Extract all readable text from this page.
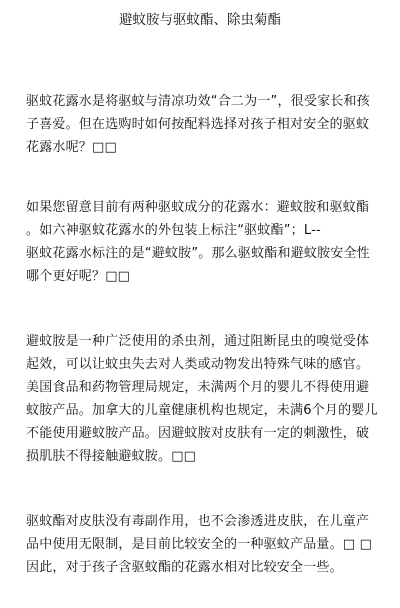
避蚊胺与驱蚊酯、除虫菊酯
驱蚊花露水是将驱蚊与清凉功效“合二为一”，很受家长和孩
子喜爱。但在选购时如何按配料选择对孩子相对安全的驱蚊
花露水呢？□□
如果您留意目前有两种驱蚊成分的花露水：避蚊胺和驱蚊酯
。如六神驱蚊花露水的外包装上标注“驱蚊酯”；L--
驱蚊花露水标注的是“避蚊胺”。那么驱蚊酯和避蚊胺安全性
哪个更好呢？□□
避蚊胺是一种广泛使用的杀虫剂，通过阻断昆虫的嗅觉受体
起效，可以让蚊虫失去对人类或动物发出特殊气味的感官。
美国食品和药物管理局规定，未满两个月的婴儿不得使用避
蚊胺产品。加拿大的儿童健康机构也规定，未满6个月的婴儿
不能使用避蚊胺产品。因避蚊胺对皮肤有一定的刺激性，破
损肌肤不得接触避蚊胺。□□
驱蚊酯对皮肤没有毒副作用，也不会渗透进皮肤，在儿童产
品中使用无限制，是目前比较安全的一种驱蚊产品量。□ □
因此，对于孩子含驱蚊酯的花露水相对比较安全一些。
